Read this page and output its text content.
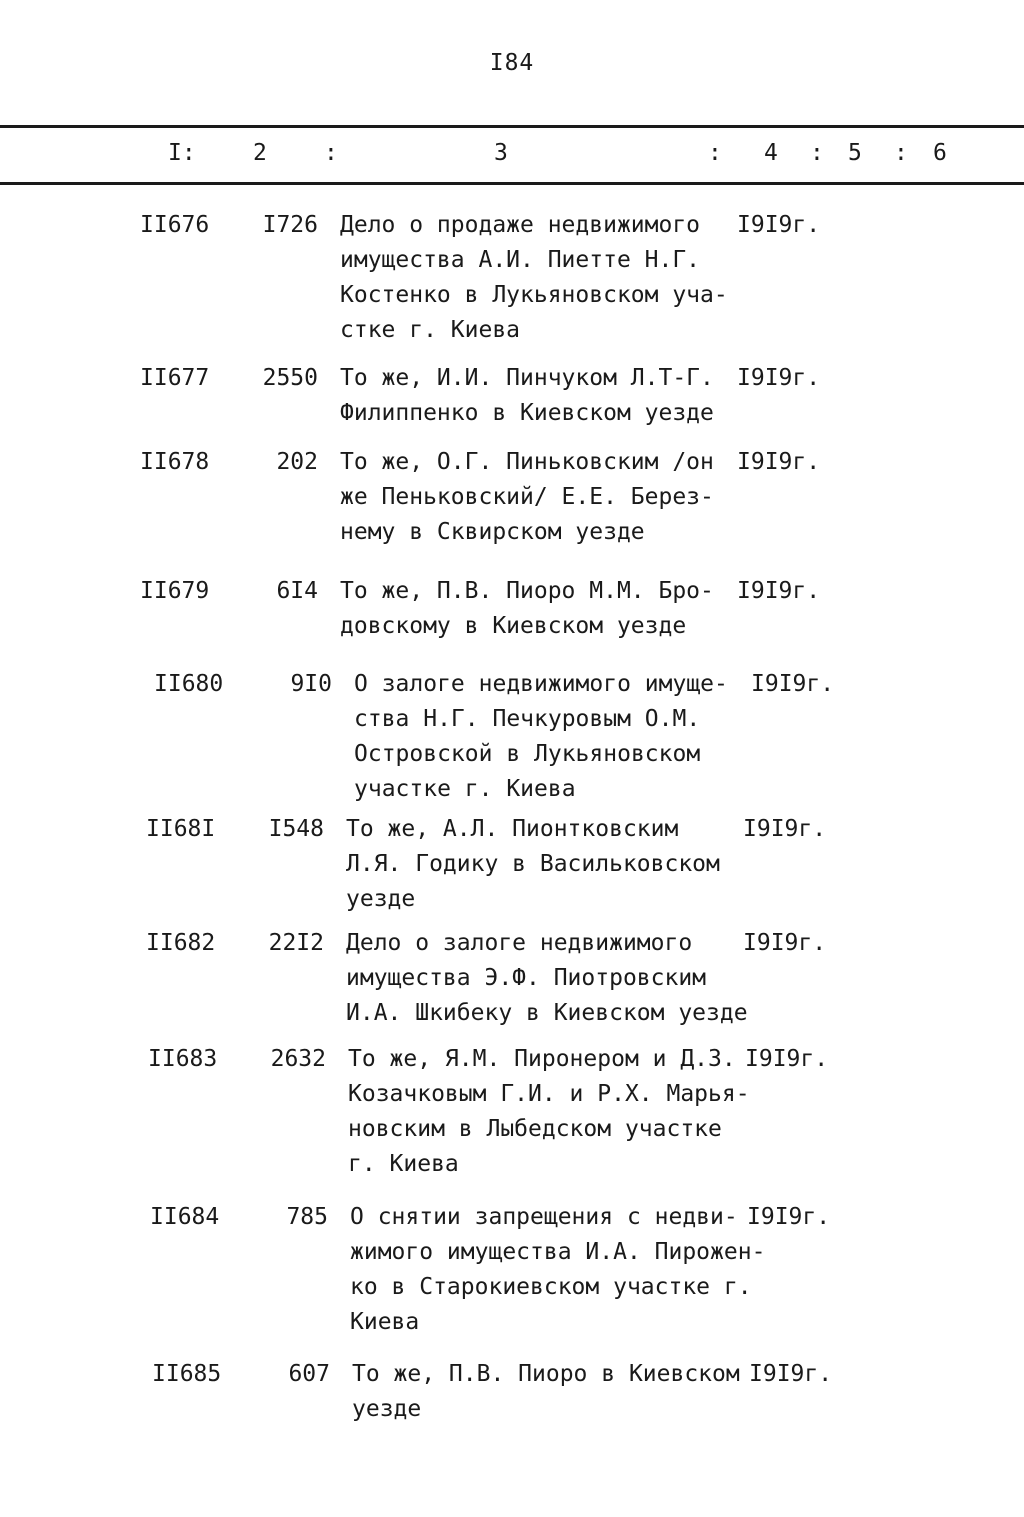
I84
I: 2 :	3	: 4 : 5 : 6
II676	I726 Дело о продаже недвижимого
имущества А.И. Пиетте Н.Г.
Костенко в Лукьяновском уча-
стке г. Киева
I9I9г.
II677	2550 То же, И.И. Пинчуком Л.Т-Г.
Филиппенко в Киевском уезде
I9I9г.
II678	202 То же, О.Г. Пиньковским /он
же Пеньковский/ Е.Е. Берез-
нему в Сквирском уезде
I9I9г.
II679	6I4 То же, П.В. Пиоро М.М. Бро-
довскому в Киевском уезде
I9I9г.
II680	9I0 О залоге недвижимого имуще-
ства Н.Г. Печкуровым О.М.
Островской в Лукьяновском
участке г. Киева
I9I9г.
II68I	I548 То же, А.Л. Пионтковским
Л.Я. Годику в Васильковском
уезде
I9I9г.
II682	22I2 Дело о залоге недвижимого
имущества Э.Ф. Пиотровским
И.А. Шкибеку в Киевском уезде
I9I9г.
II683	2632 То же, Я.М. Пиронером и Д.З.
Козачковым Г.И. и Р.Х. Марья-
новским в Лыбедском участке
г. Киева
I9I9г.
II684	785 О снятии запрещения с недви-
жимого имущества И.А. Пирожен-
ко в Старокиевском участке г.
Киева
I9I9г.
II685	607 То же, П.В. Пиоро в Киевском
уезде
I9I9г.
